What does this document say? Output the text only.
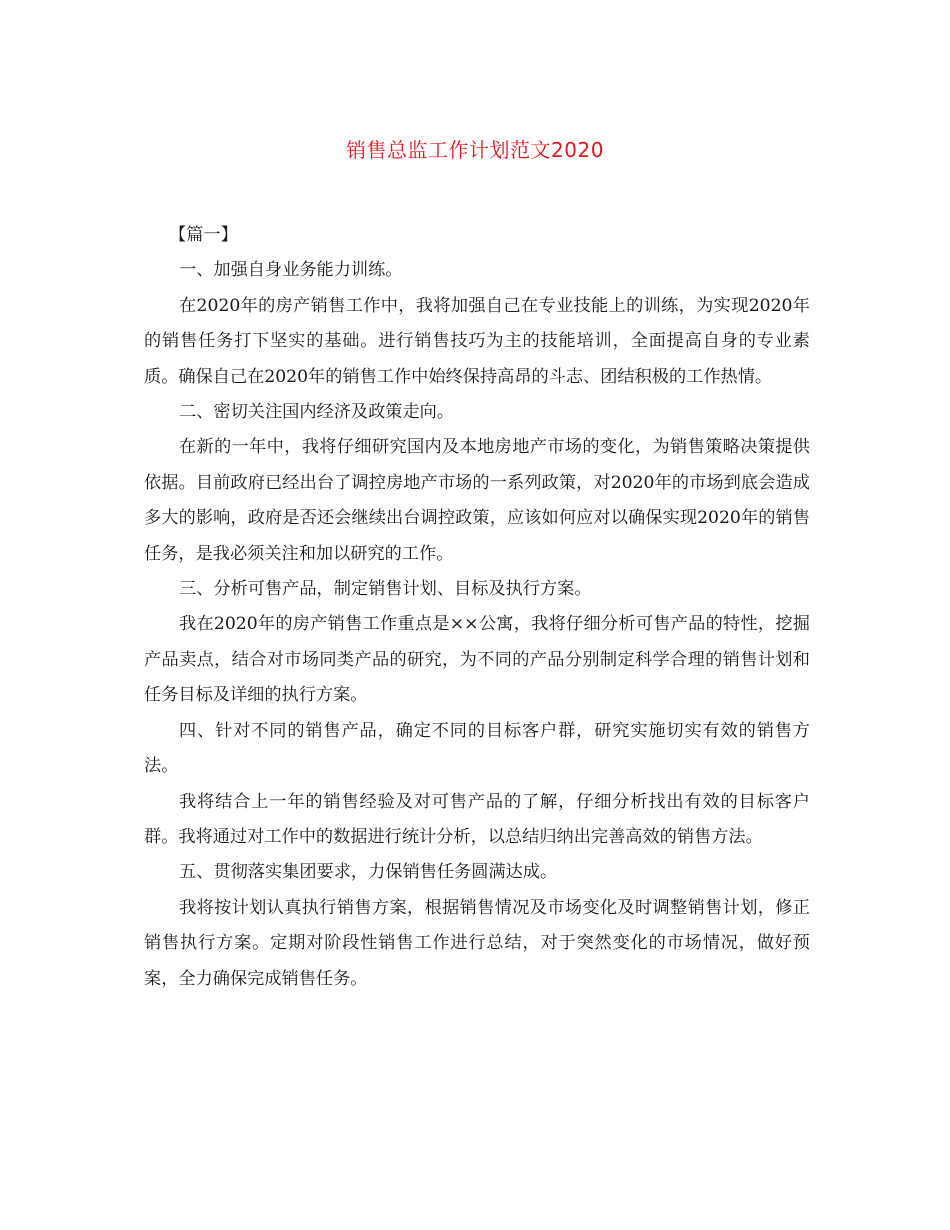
销售总监工作计划范文2020

【篇一】

一、加强自身业务能力训练。

在2020年的房产销售工作中，我将加强自己在专业技能上的训练，为实现2020年的销售任务打下坚实的基础。进行销售技巧为主的技能培训，全面提高自身的专业素质。确保自己在2020年的销售工作中始终保持高昂的斗志、团结积极的工作热情。

二、密切关注国内经济及政策走向。

在新的一年中，我将仔细研究国内及本地房地产市场的变化，为销售策略决策提供依据。目前政府已经出台了调控房地产市场的一系列政策，对2020年的市场到底会造成多大的影响，政府是否还会继续出台调控政策，应该如何应对以确保实现2020年的销售任务，是我必须关注和加以研究的工作。

三、分析可售产品，制定销售计划、目标及执行方案。

我在2020年的房产销售工作重点是××公寓，我将仔细分析可售产品的特性，挖掘产品卖点，结合对市场同类产品的研究，为不同的产品分别制定科学合理的销售计划和任务目标及详细的执行方案。

四、针对不同的销售产品，确定不同的目标客户群，研究实施切实有效的销售方法。

我将结合上一年的销售经验及对可售产品的了解，仔细分析找出有效的目标客户群。我将通过对工作中的数据进行统计分析，以总结归纳出完善高效的销售方法。

五、贯彻落实集团要求，力保销售任务圆满达成。

我将按计划认真执行销售方案，根据销售情况及市场变化及时调整销售计划，修正销售执行方案。定期对阶段性销售工作进行总结，对于突然变化的市场情况，做好预案，全力确保完成销售任务。
